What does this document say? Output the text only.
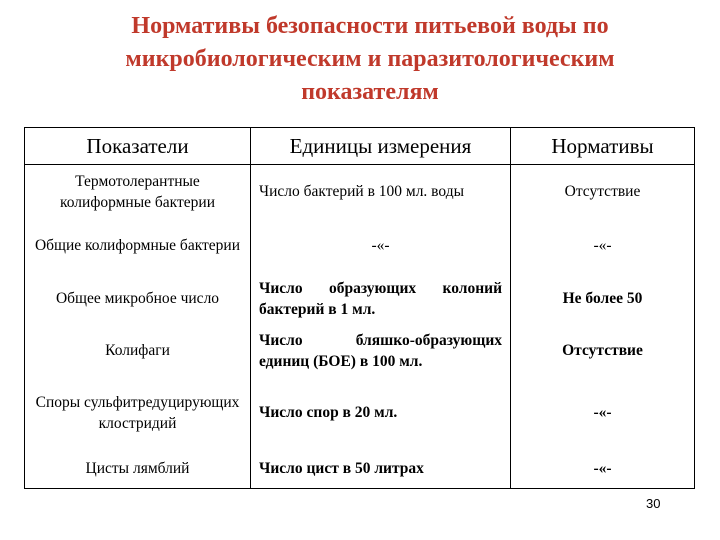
Нормативы безопасности питьевой воды по
микробиологическим и паразитологическим
показателям
Показатели	Единицы измерения	Нормативы
Термотолерантные колиформные бактерии	Число бактерий в 100 мл. воды	Отсутствие
Общие колиформные бактерии	-«-	-«-
Общее микробное число	Число образующих колоний бактерий в 1 мл.	Не более 50
Колифаги	Число бляшко-образующих единиц (БОЕ) в 100 мл.	Отсутствие
Споры сульфитредуцирующих клостридий	Число спор в 20 мл.	-«-
Цисты лямблий	Число цист в 50 литрах	-«-
30
